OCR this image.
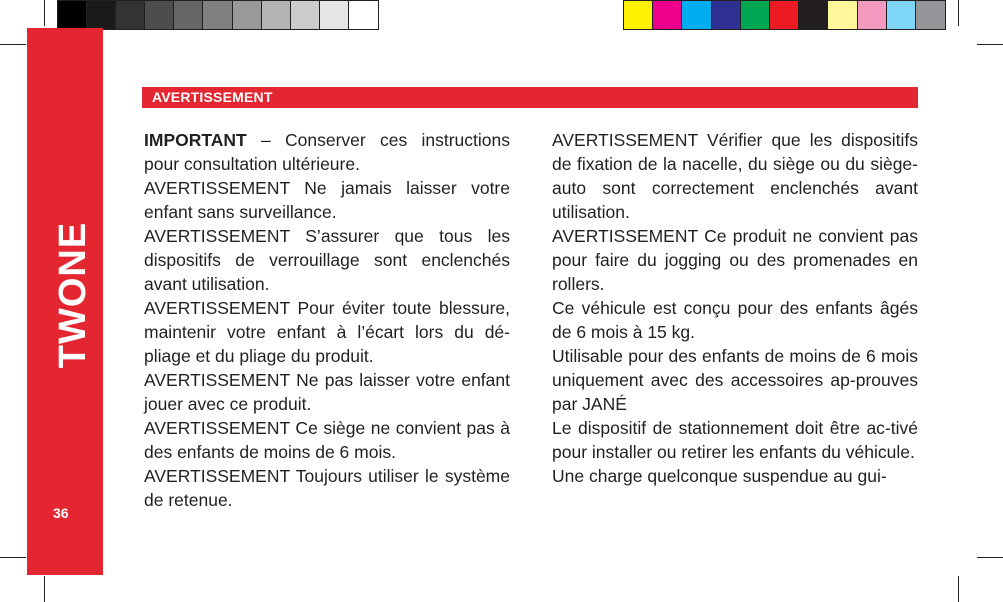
TWONE
36
AVERTISSEMENT

IMPORTANT – Conserver ces instructions pour consultation ultérieure.

AVERTISSEMENT Ne jamais laisser votre enfant sans surveillance.

AVERTISSEMENT S’assurer que tous les dispositifs de verrouillage sont enclenchés avant utilisation.

AVERTISSEMENT Pour éviter toute blessure, maintenir votre enfant à l’écart lors du dé-pliage et du pliage du produit.

AVERTISSEMENT Ne pas laisser votre enfant jouer avec ce produit.

AVERTISSEMENT Ce siège ne convient pas à des enfants de moins de 6 mois.

AVERTISSEMENT Toujours utiliser le système de retenue.

AVERTISSEMENT Vérifier que les dispositifs de fixation de la nacelle, du siège ou du siège-auto sont correctement enclenchés avant utilisation.

AVERTISSEMENT Ce produit ne convient pas pour faire du jogging ou des promenades en rollers.

Ce véhicule est conçu pour des enfants âgés de 6 mois à 15 kg.

Utilisable pour des enfants de moins de 6 mois uniquement avec des accessoires ap-prouves par JANÉ

Le dispositif de stationnement doit être ac-tivé pour installer ou retirer les enfants du véhicule.

Une charge quelconque suspendue au gui-
